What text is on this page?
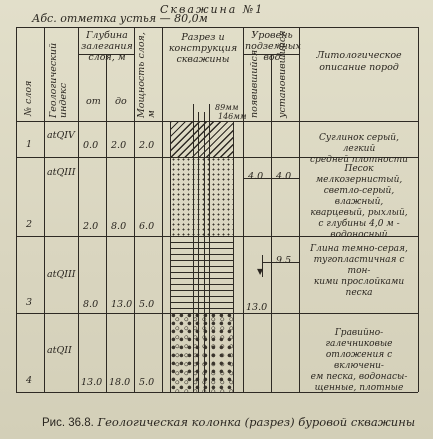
Скважина №1
Абс. отметка устья — 80,0м
№ слоя Геологический индекс
Глубина залегания слоя, м
от до Мощность слоя, м
Разрез и конструкция скважины
Уровень подземных вод
появившийся установившийся	Литологическое описание пород
89мм
146мм
▼
1
atQIV
0.0 2.0 2.0
Суглинок серый, легкий
средней плотности
2
atQIII
2.0 8.0 6.0
4.0 4.0
Песок мелкозернистый,
светло-серый, влажный,
кварцевый, рыхлый,
с глубины 4,0 м -
водоносный
3
atQIII
8.0 13.0 5.0	13.0
9.5
Глина темно-серая,
тугопластичная с тон-
кими прослойками
песка
4
atQII
13.0 18.0 5.0
Гравийно-галечниковые
отложения с включени-
ем песка, водонасы-
щенные, плотные
Рис. 36.8. Геологическая колонка (разрез) буровой скважины
